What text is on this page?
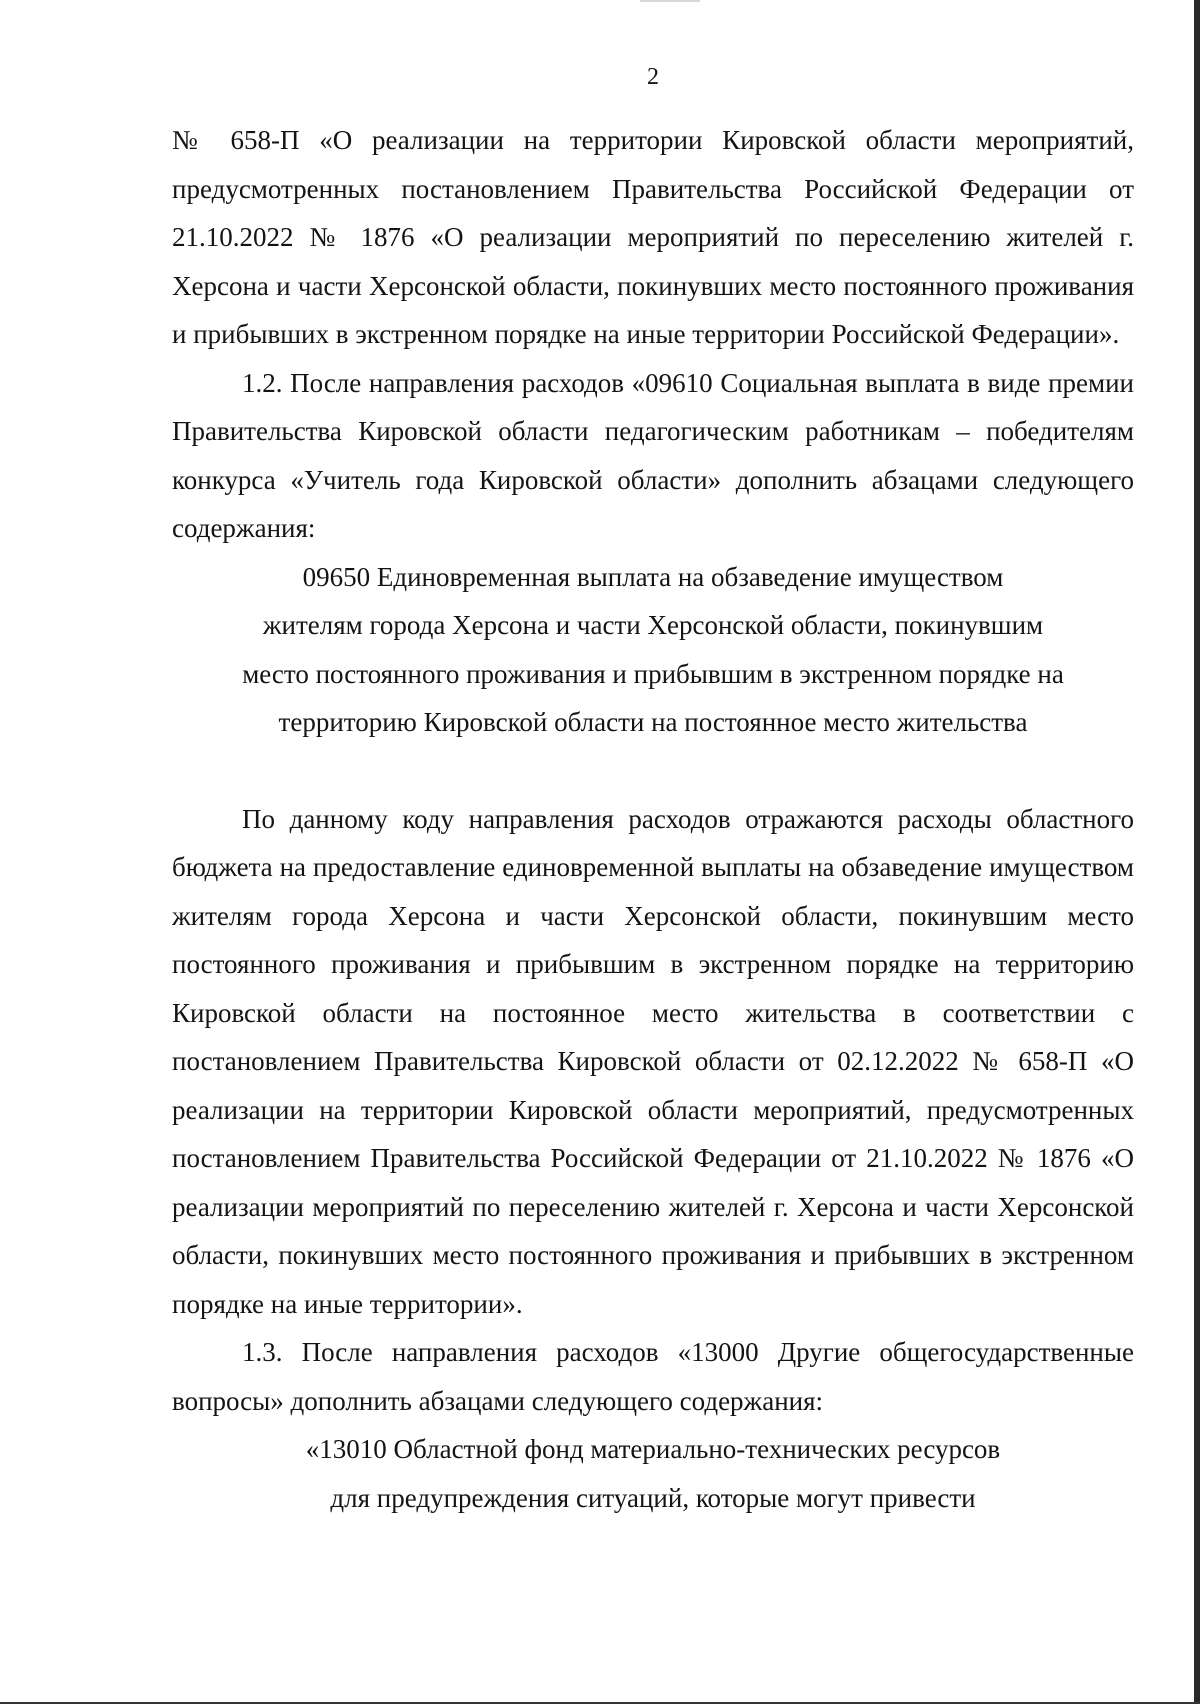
2

№ 658-П «О реализации на территории Кировской области мероприятий, предусмотренных постановлением Правительства Российской Федерации от 21.10.2022 № 1876 «О реализации мероприятий по переселению жителей г. Херсона и части Херсонской области, покинувших место постоянного проживания и прибывших в экстренном порядке на иные территории Российской Федерации».

1.2. После направления расходов «09610 Социальная выплата в виде премии Правительства Кировской области педагогическим работникам – победителям конкурса «Учитель года Кировской области» дополнить абзацами следующего содержания:

09650 Единовременная выплата на обзаведение имуществом
жителям города Херсона и части Херсонской области, покинувшим
место постоянного проживания и прибывшим в экстренном порядке на
территорию Кировской области на постоянное место жительства

По данному коду направления расходов отражаются расходы областного бюджета на предоставление единовременной выплаты на обзаведение имуществом жителям города Херсона и части Херсонской области, покинувшим место постоянного проживания и прибывшим в экстренном порядке на территорию Кировской области на постоянное место жительства в соответствии с постановлением Правительства Кировской области от 02.12.2022 № 658-П «О реализации на территории Кировской области мероприятий, предусмотренных постановлением Правительства Российской Федерации от 21.10.2022 № 1876 «О реализации мероприятий по переселению жителей г. Херсона и части Херсонской области, покинувших место постоянного проживания и прибывших в экстренном порядке на иные территории».

1.3. После направления расходов «13000 Другие общегосударственные вопросы» дополнить абзацами следующего содержания:

«13010 Областной фонд материально-технических ресурсов
для предупреждения ситуаций, которые могут привести
